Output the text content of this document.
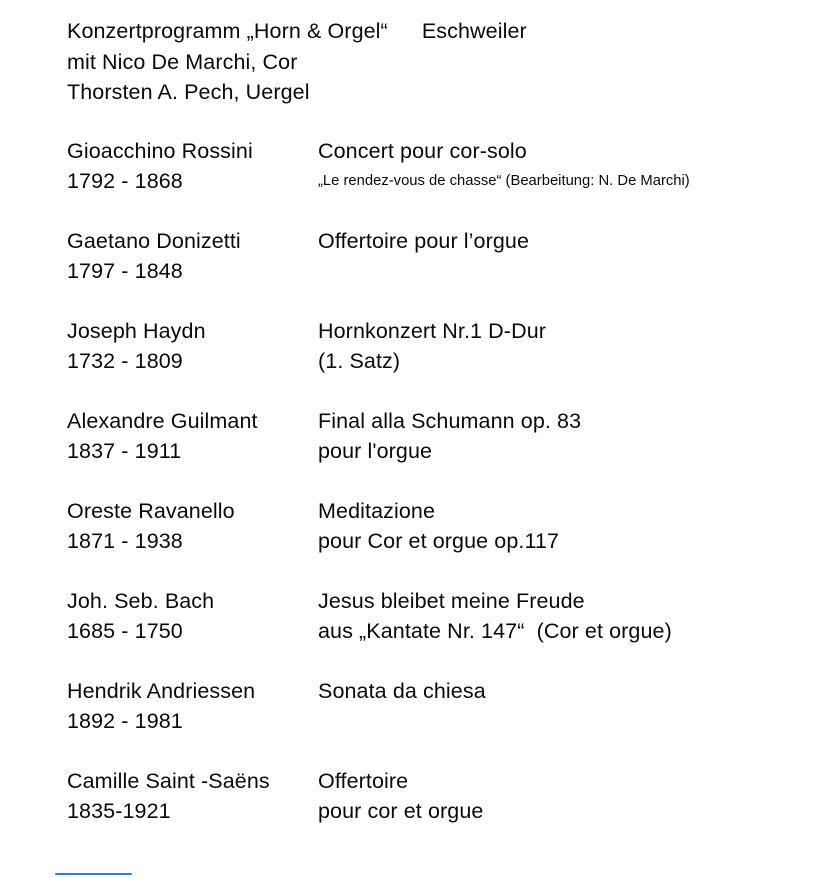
Konzertprogramm „Horn & Orgel“ Eschweiler
mit Nico De Marchi, Cor
Thorsten A. Pech, Uergel
Gioacchino Rossini
1792 - 1868
Concert pour cor-solo
„Le rendez-vous de chasse“ (Bearbeitung: N. De Marchi)
Gaetano Donizetti
1797 - 1848
Offertoire pour l’orgue
Joseph Haydn
1732 - 1809
Hornkonzert Nr.1 D-Dur
(1. Satz)
Alexandre Guilmant
1837 - 1911
Final alla Schumann op. 83
pour l'orgue
Oreste Ravanello
1871 - 1938
Meditazione
pour Cor et orgue op.117
Joh. Seb. Bach
1685 - 1750
Jesus bleibet meine Freude
aus „Kantate Nr. 147“  (Cor et orgue)
Hendrik Andriessen
1892 - 1981
Sonata da chiesa
Camille Saint -Saëns
1835-1921
Offertoire
pour cor et orgue
